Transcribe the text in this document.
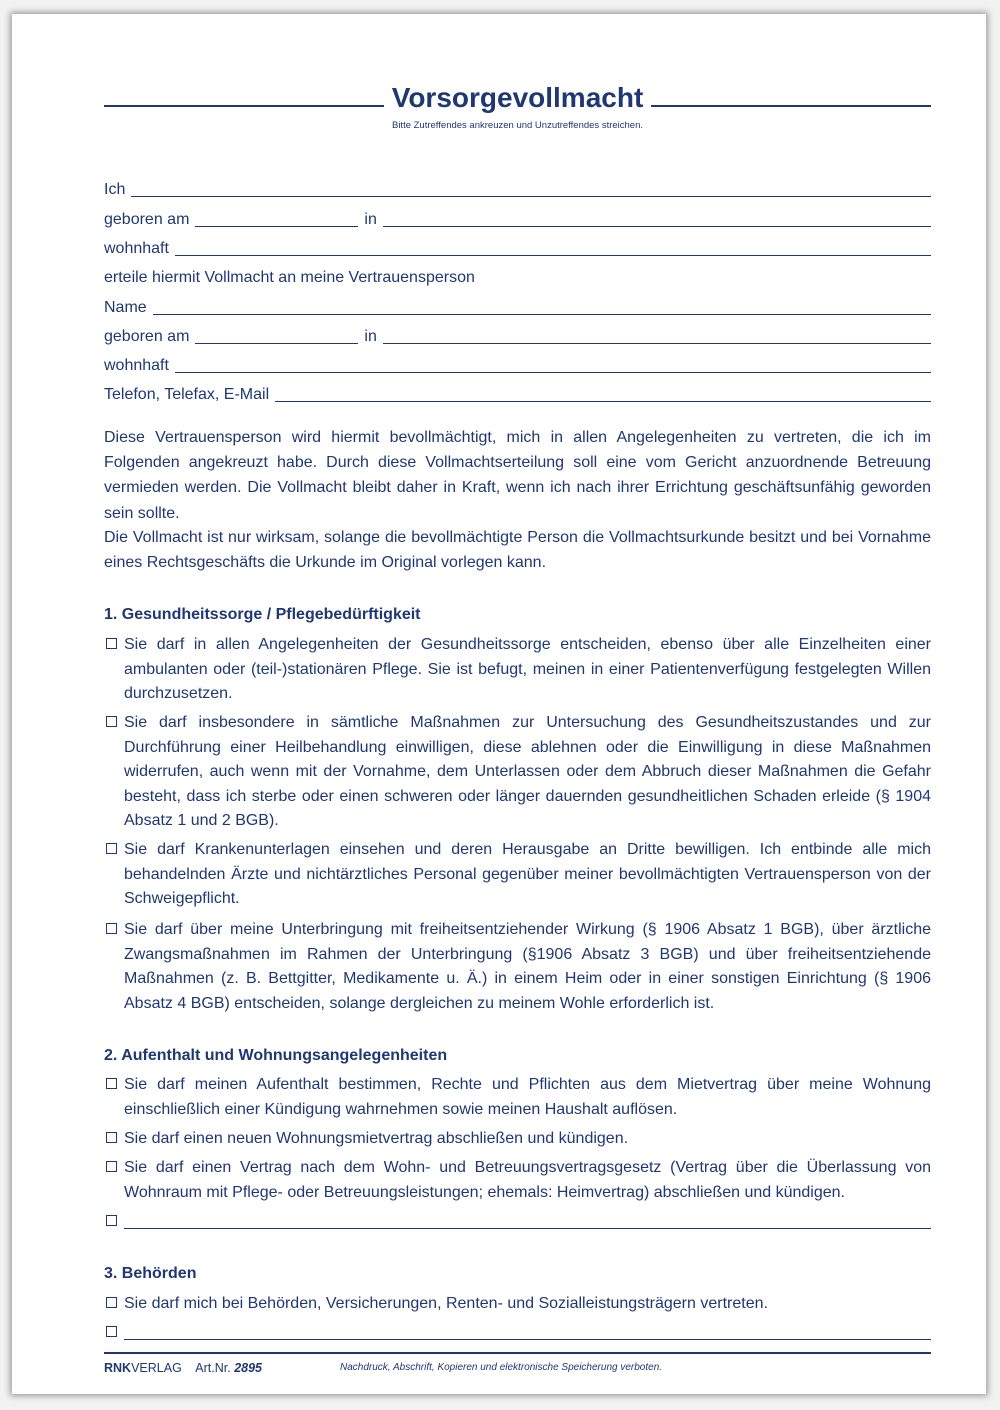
Vorsorgevollmacht
Bitte Zutreffendes ankreuzen und Unzutreffendes streichen.
Ich
geboren am	in
wohnhaft
erteile hiermit Vollmacht an meine Vertrauensperson
Name
geboren am	in
wohnhaft
Telefon, Telefax, E-Mail

Diese Vertrauensperson wird hiermit bevollmächtigt, mich in allen Angelegenheiten zu vertreten, die ich im Folgenden angekreuzt habe. Durch diese Vollmachtserteilung soll eine vom Gericht anzuordnende Betreuung vermieden werden. Die Vollmacht bleibt daher in Kraft, wenn ich nach ihrer Errichtung geschäftsunfähig geworden sein sollte.

Die Vollmacht ist nur wirksam, solange die bevollmächtigte Person die Vollmachtsurkunde besitzt und bei Vornahme eines Rechtsgeschäfts die Urkunde im Original vorlegen kann.

1. Gesundheitssorge / Pflegebedürftigkeit
Sie darf in allen Angelegenheiten der Gesundheitssorge entscheiden, ebenso über alle Einzelheiten einer ambulanten oder (teil-)stationären Pflege. Sie ist befugt, meinen in einer Patientenverfügung festgelegten Willen durchzusetzen.
Sie darf insbesondere in sämtliche Maßnahmen zur Untersuchung des Gesundheitszustandes und zur Durchführung einer Heilbehandlung einwilligen, diese ablehnen oder die Einwilligung in diese Maßnahmen widerrufen, auch wenn mit der Vornahme, dem Unterlassen oder dem Abbruch dieser Maßnahmen die Gefahr besteht, dass ich sterbe oder einen schweren oder länger dauernden gesundheitlichen Schaden erleide (§ 1904 Absatz 1 und 2 BGB).
Sie darf Krankenunterlagen einsehen und deren Herausgabe an Dritte bewilligen. Ich entbinde alle mich behandelnden Ärzte und nichtärztliches Personal gegenüber meiner bevollmächtigten Vertrauensperson von der Schweigepflicht.
Sie darf über meine Unterbringung mit freiheitsentziehender Wirkung (§ 1906 Absatz 1 BGB), über ärztliche Zwangsmaßnahmen im Rahmen der Unterbringung (§1906 Absatz 3 BGB) und über freiheitsentziehende Maßnahmen (z. B. Bettgitter, Medikamente u. Ä.) in einem Heim oder in einer sonstigen Einrichtung (§ 1906 Absatz 4 BGB) entscheiden, solange dergleichen zu meinem Wohle erforderlich ist.
2. Aufenthalt und Wohnungsangelegenheiten
Sie darf meinen Aufenthalt bestimmen, Rechte und Pflichten aus dem Mietvertrag über meine Wohnung einschließlich einer Kündigung wahrnehmen sowie meinen Haushalt auflösen.
Sie darf einen neuen Wohnungsmietvertrag abschließen und kündigen.
Sie darf einen Vertrag nach dem Wohn- und Betreuungsvertragsgesetz (Vertrag über die Überlassung von Wohnraum mit Pflege- oder Betreuungsleistungen; ehemals: Heimvertrag) abschließen und kündigen.
3. Behörden
Sie darf mich bei Behörden, Versicherungen, Renten- und Sozialleistungsträgern vertreten.
RNKVERLAG Art.Nr. 2895	Nachdruck, Abschrift, Kopieren und elektronische Speicherung verboten.
